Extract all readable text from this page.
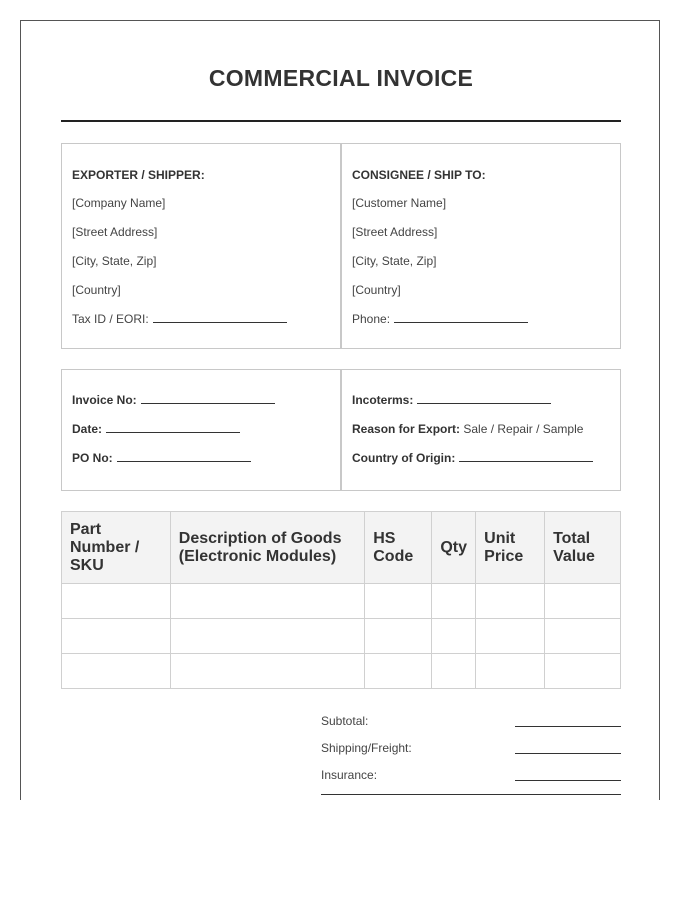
COMMERCIAL INVOICE
EXPORTER / SHIPPER:
[Company Name]
[Street Address]
[City, State, Zip]
[Country]
Tax ID / EORI:
CONSIGNEE / SHIP TO:
[Customer Name]
[Street Address]
[City, State, Zip]
[Country]
Phone:
Invoice No:
Date:
PO No:
Incoterms:
Reason for Export: Sale / Repair / Sample
Country of Origin:
Part Number / SKU	Description of Goods (Electronic Modules)	HS Code	Qty	Unit Price	Total Value

Subtotal:
Shipping/Freight:
Insurance:
